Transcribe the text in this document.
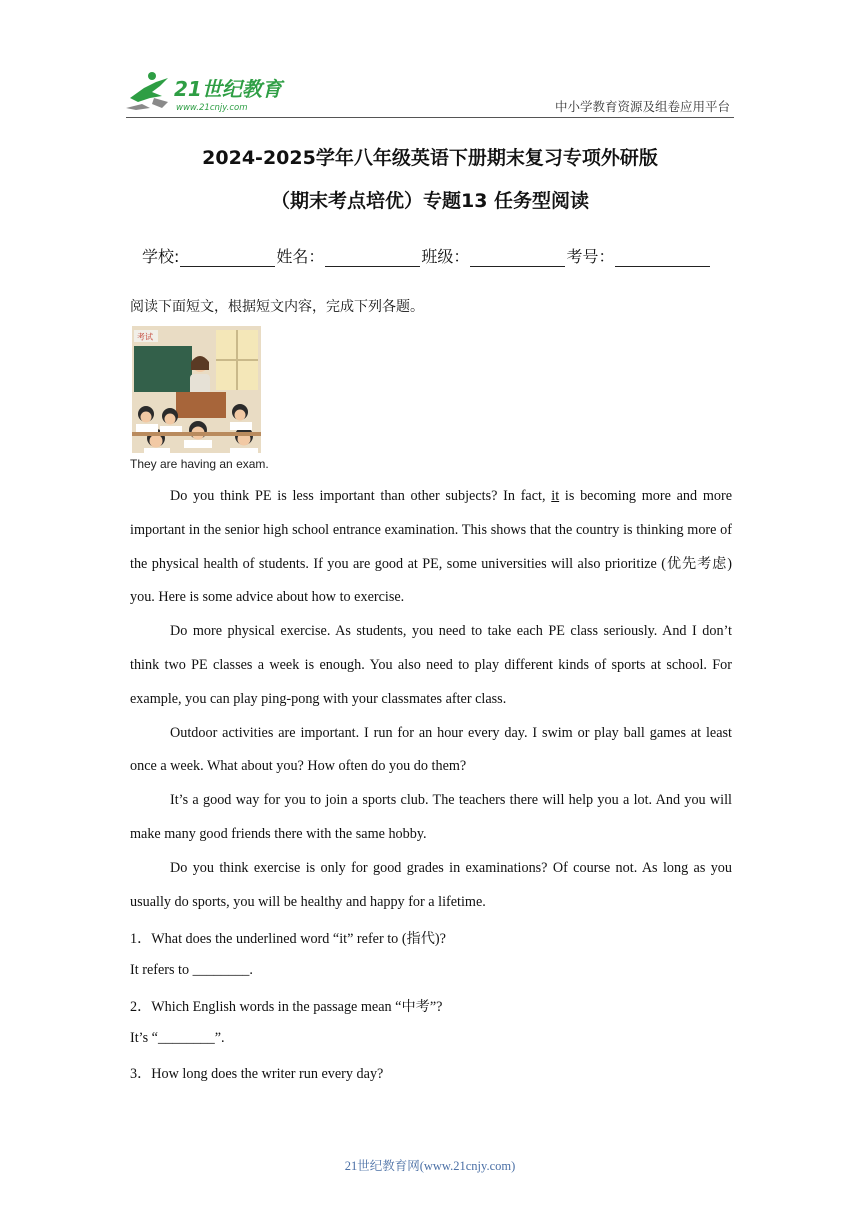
21世纪教育
www.21cnjy.com	中小学教育资源及组卷应用平台
2024-2025学年八年级英语下册期末复习专项外研版
（期末考点培优）专题13 任务型阅读
学校:	姓名：	班级：	考号：
阅读下面短文，根据短文内容，完成下列各题。
考试
They are having an exam.

Do you think PE is less important than other subjects? In fact, it is becoming more and more important in the senior high school entrance examination. This shows that the country is thinking more of the physical health of students. If you are good at PE, some universities will also prioritize (优先考虑) you. Here is some advice about how to exercise.

Do more physical exercise. As students, you need to take each PE class seriously. And I don’t think two PE classes a week is enough. You also need to play different kinds of sports at school. For example, you can play ping-pong with your classmates after class.

Outdoor activities are important. I run for an hour every day. I swim or play ball games at least once a week. What about you? How often do you do them?

It’s a good way for you to join a sports club. The teachers there will help you a lot. And you will make many good friends there with the same hobby.

Do you think exercise is only for good grades in examinations? Of course not. As long as you usually do sports, you will be healthy and happy for a lifetime.

1．What does the underlined word “it” refer to (指代)?
It refers to ________.
2．Which English words in the passage mean “中考”?
It’s “________”.
3．How long does the writer run every day?
21世纪教育网(www.21cnjy.com)
